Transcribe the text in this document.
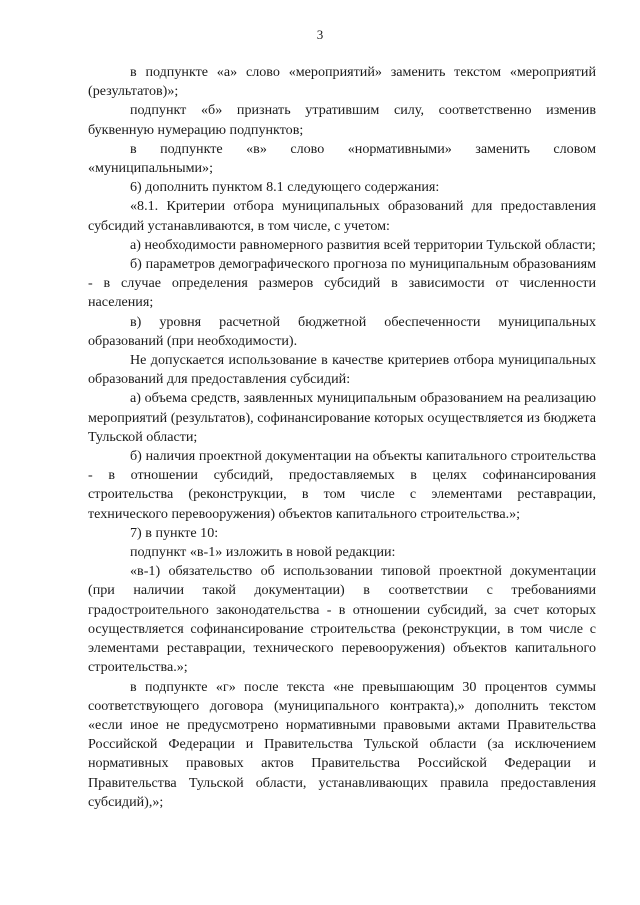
3

в подпункте «а» слово «мероприятий» заменить текстом «мероприятий (результатов)»;

подпункт «б» признать утратившим силу, соответственно изменив буквенную нумерацию подпунктов;

в подпункте «в» слово «нормативными» заменить словом «муниципальными»;

6) дополнить пунктом 8.1 следующего содержания:

«8.1. Критерии отбора муниципальных образований для предоставления субсидий устанавливаются, в том числе, с учетом:

а) необходимости равномерного развития всей территории Тульской области;

б) параметров демографического прогноза по муниципальным образованиям - в случае определения размеров субсидий в зависимости от численности населения;

в) уровня расчетной бюджетной обеспеченности муниципальных образований (при необходимости).

Не допускается использование в качестве критериев отбора муниципальных образований для предоставления субсидий:

а) объема средств, заявленных муниципальным образованием на реализацию мероприятий (результатов), софинансирование которых осуществляется из бюджета Тульской области;

б) наличия проектной документации на объекты капитального строительства - в отношении субсидий, предоставляемых в целях софинансирования строительства (реконструкции, в том числе с элементами реставрации, технического перевооружения) объектов капитального строительства.»;

7) в пункте 10:

подпункт «в-1» изложить в новой редакции:

«в-1) обязательство об использовании типовой проектной документации (при наличии такой документации) в соответствии с требованиями градостроительного законодательства - в отношении субсидий, за счет которых осуществляется софинансирование строительства (реконструкции, в том числе с элементами реставрации, технического перевооружения) объектов капитального строительства.»;

в подпункте «г» после текста «не превышающим 30 процентов суммы соответствующего договора (муниципального контракта),» дополнить текстом «если иное не предусмотрено нормативными правовыми актами Правительства Российской Федерации и Правительства Тульской области (за исключением нормативных правовых актов Правительства Российской Федерации и Правительства Тульской области, устанавливающих правила предоставления субсидий),»;
